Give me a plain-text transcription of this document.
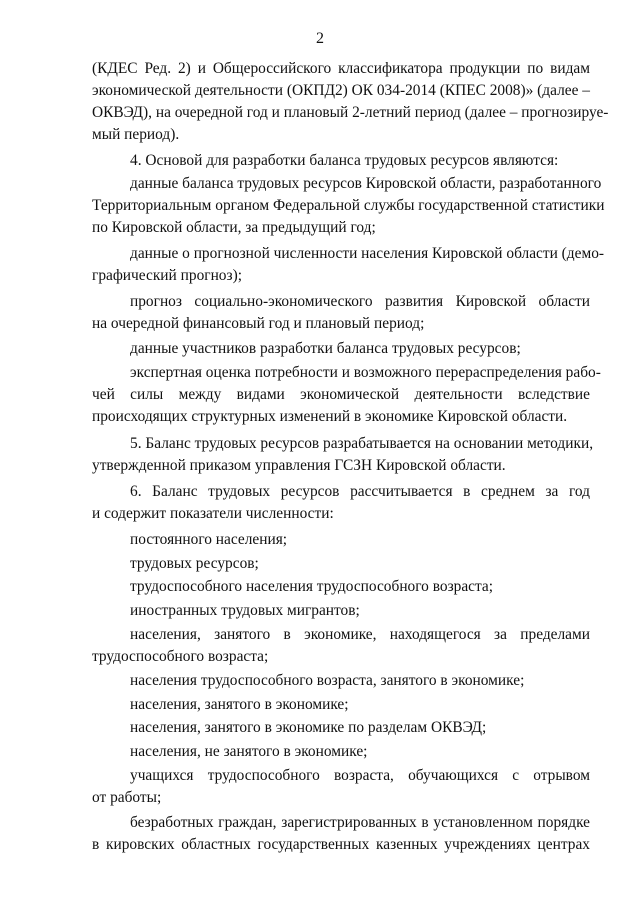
2
(КДЕС Ред. 2) и Общероссийского классификатора продукции по видам
экономической деятельности (ОКПД2) ОК 034-2014 (КПЕС 2008)» (далее –
ОКВЭД), на очередной год и плановый 2-летний период (далее – прогнозируе-
мый период).
4. Основой для разработки баланса трудовых ресурсов являются:
данные баланса трудовых ресурсов Кировской области, разработанного
Территориальным органом Федеральной службы государственной статистики
по Кировской области, за предыдущий год;
данные о прогнозной численности населения Кировской области (демо-
графический прогноз);
прогноз социально-экономического развития Кировской области
на очередной финансовый год и плановый период;
данные участников разработки баланса трудовых ресурсов;
экспертная оценка потребности и возможного перераспределения рабо-
чей силы между видами экономической деятельности вследствие
происходящих структурных изменений в экономике Кировской области.
5. Баланс трудовых ресурсов разрабатывается на основании методики,
утвержденной приказом управления ГСЗН Кировской области.
6. Баланс трудовых ресурсов рассчитывается в среднем за год
и содержит показатели численности:
постоянного населения;
трудовых ресурсов;
трудоспособного населения трудоспособного возраста;
иностранных трудовых мигрантов;
населения, занятого в экономике, находящегося за пределами
трудоспособного возраста;
населения трудоспособного возраста, занятого в экономике;
населения, занятого в экономике;
населения, занятого в экономике по разделам ОКВЭД;
населения, не занятого в экономике;
учащихся трудоспособного возраста, обучающихся с отрывом
от работы;
безработных граждан, зарегистрированных в установленном порядке
в кировских областных государственных казенных учреждениях центрах
